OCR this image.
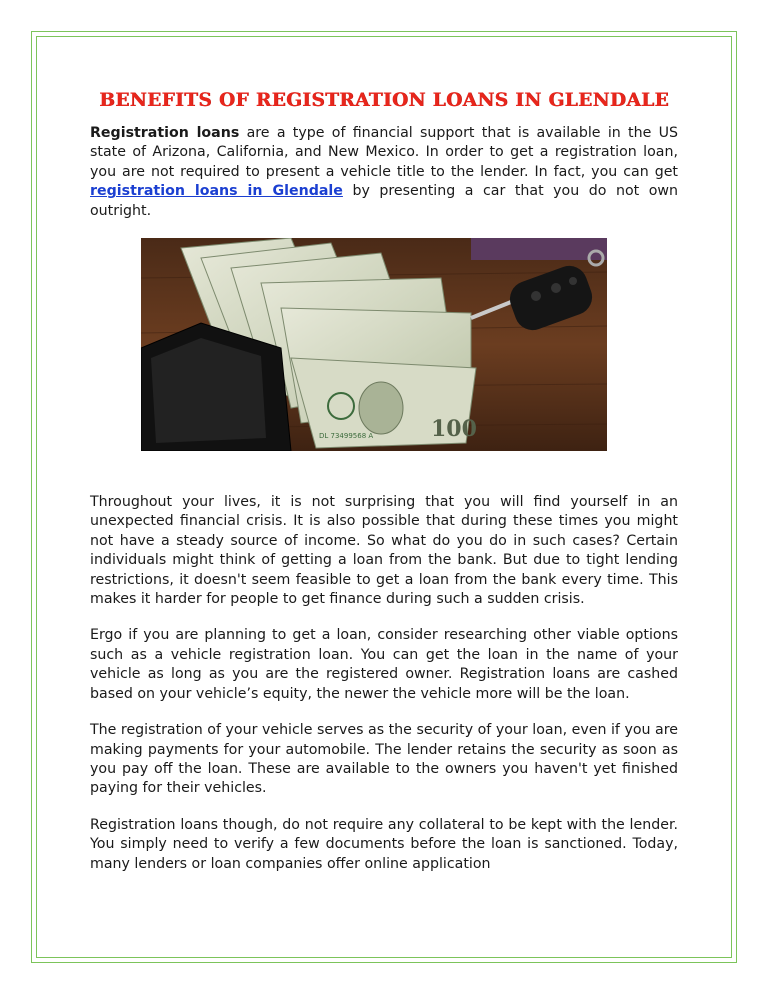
BENEFITS OF REGISTRATION LOANS IN GLENDALE

Registration loans are a type of financial support that is available in the US state of Arizona, California, and New Mexico. In order to get a registration loan, you are not required to present a vehicle title to the lender. In fact, you can get registration loans in Glendale by presenting a car that you do not own outright.

100
DL 73499568 A

Throughout your lives, it is not surprising that you will find yourself in an unexpected financial crisis. It is also possible that during these times you might not have a steady source of income. So what do you do in such cases? Certain individuals might think of getting a loan from the bank. But due to tight lending restrictions, it doesn't seem feasible to get a loan from the bank every time. This makes it harder for people to get finance during such a sudden crisis.

Ergo if you are planning to get a loan, consider researching other viable options such as a vehicle registration loan. You can get the loan in the name of your vehicle as long as you are the registered owner. Registration loans are cashed based on your vehicle’s equity, the newer the vehicle more will be the loan.

The registration of your vehicle serves as the security of your loan, even if you are making payments for your automobile. The lender retains the security as soon as you pay off the loan. These are available to the owners you haven't yet finished paying for their vehicles.

Registration loans though, do not require any collateral to be kept with the lender. You simply need to verify a few documents before the loan is sanctioned. Today, many lenders or loan companies offer online application
